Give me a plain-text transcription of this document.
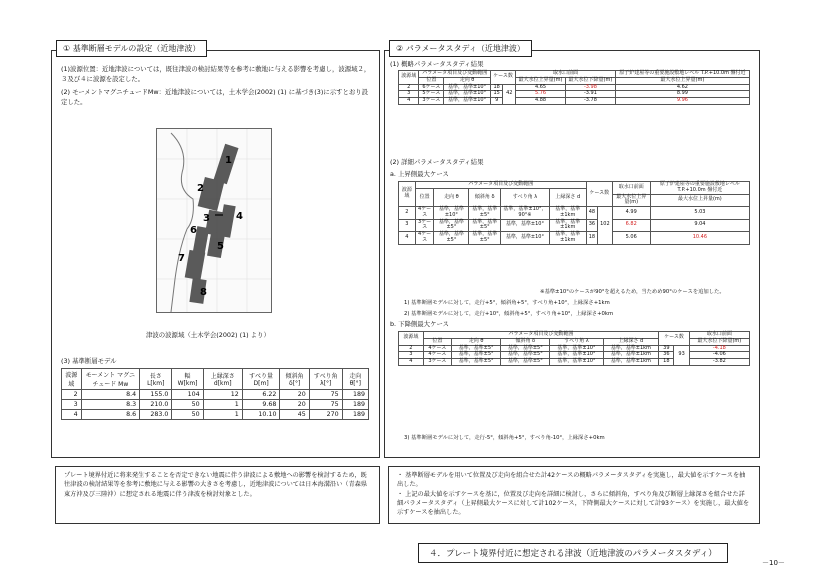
① 基準断層モデルの設定（近地津波）
(1)波源位置：近地津波については，既往津波の検討結果等を参考に敷地に与える影響を考慮し，波源域２，３及び４に波源を設定した。
(2) モーメントマグニチュードMw：近地津波については，土木学会(2002) (1) に基づき(3)に示すとおり設定した。
1
2
3	4
5
6
7
8
津波の波源域（土木学会(2002) (1) より）
(3) 基準断層モデル
波源域	モーメント マグニチュード Mw	長さ L[km]	幅 W[km]	上縁深さ d[km]	すべり量 D[m]	傾斜角 δ[°]	すべり角 λ[°]	走向 θ[°]
2	8.4	155.0	104	12	6.22	20	75	189
3	8.3	210.0	50	1	9.68	20	75	189
4	8.6	283.0	50	1	10.10	45	270	189
プレート境界付近に将来発生することを否定できない地震に伴う津波による敷地への影響を検討するため，既往津波の検討結果等を参考に敷地に与える影響の大きさを考慮し，近地津波については日本海溝沿い（青森県東方沖及び三陸沖）に想定される地震に伴う津波を検討対象とした。
② パラメータスタディ（近地津波）
(1) 概略パラメータスタディ結果
波源域	パラメータ項目及び変動範囲		ケース数		取水口前面		原子炉建屋等の重要施設敷地レベル T.P.+10.0m 盤付近
	位置	走向 θ					
					最大水位上昇量(m)	最大水位下降量(m)	最大水位上昇量(m)
2	6ケース	基準，基準±10°	18	42	4.65	-3.98	4.62
3	5ケース	基準，基準±10°	15		5.76	-3.91	8.99
4	3ケース	基準，基準±10°	9		4.88	-3.78	9.96
(2) 詳細パラメータスタディ結果
a. 上昇側最大ケース
波源域	パラメータ項目及び変動範囲					ケース数		取水口前面	原子炉建屋等の重要施設敷地レベル T.P.+10.0m 盤付近
	位置	走向 θ	傾斜角 δ	すべり角 λ	上縁深さ d				
								最大水位上昇量(m)	最大水位上昇量(m)
2	4ケース	基準，基準±10°	基準，基準±5°	基準，基準±10°，90°※	基準，基準±1km	48	102	4.99	5.03
3	3ケース	基準，基準±5°	基準，基準±5°	基準，基準±10°	基準，基準±1km	36		6.82	9.04
4	4ケース	基準，基準±5°	基準，基準±5°	基準，基準±10°	基準，基準±1km	18		5.06	10.46
※基準±10°のケースが90°を超えるため，当ためめ90°のケースを追加した。
1) 基準断層モデルに対して，走行+5°，傾斜角+5°，すべり角+10°，上縁深さ+1km
2) 基準断層モデルに対して，走行+10°，傾斜角+5°，すべり角+10°，上縁深さ+0km
b. 下降側最大ケース
波源域	パラメータ項目及び変動範囲					ケース数		取水口前面
	位置	走向 θ	傾斜角 δ	すべり角 λ	上縁深さ d			
								最大水位下降量(m)
2	4ケース	基準，基準±5°	基準，基準±5°	基準，基準±10°	基準，基準±1km	39	93	-4.18
3	4ケース	基準，基準±5°	基準，基準±5°	基準，基準±10°	基準，基準±1km	36		-4.06
4	3ケース	基準，基準±5°	基準，基準±5°	基準，基準±10°	基準，基準±1km	18		-3.82
3) 基準断層モデルに対して，走行-5°，傾斜角+5°，すべり角-10°，上縁深さ+0km
・ 基準断層モデルを用いて位置及び走向を組合せた計42ケースの概略パラメータスタディを実施し，最大値を示すケースを抽出した。
・ 上記の最大値を示すケースを基に，位置及び走向を詳細に検討し，さらに傾斜角，すべり角及び断層上縁深さを組合せた詳細パラメータスタディ（上昇側最大ケースに対して計102ケース，下降側最大ケースに対して計93ケース）を実施し，最大値を示すケースを抽出した。
４．プレート境界付近に想定される津波（近地津波のパラメータスタディ）
－10－
